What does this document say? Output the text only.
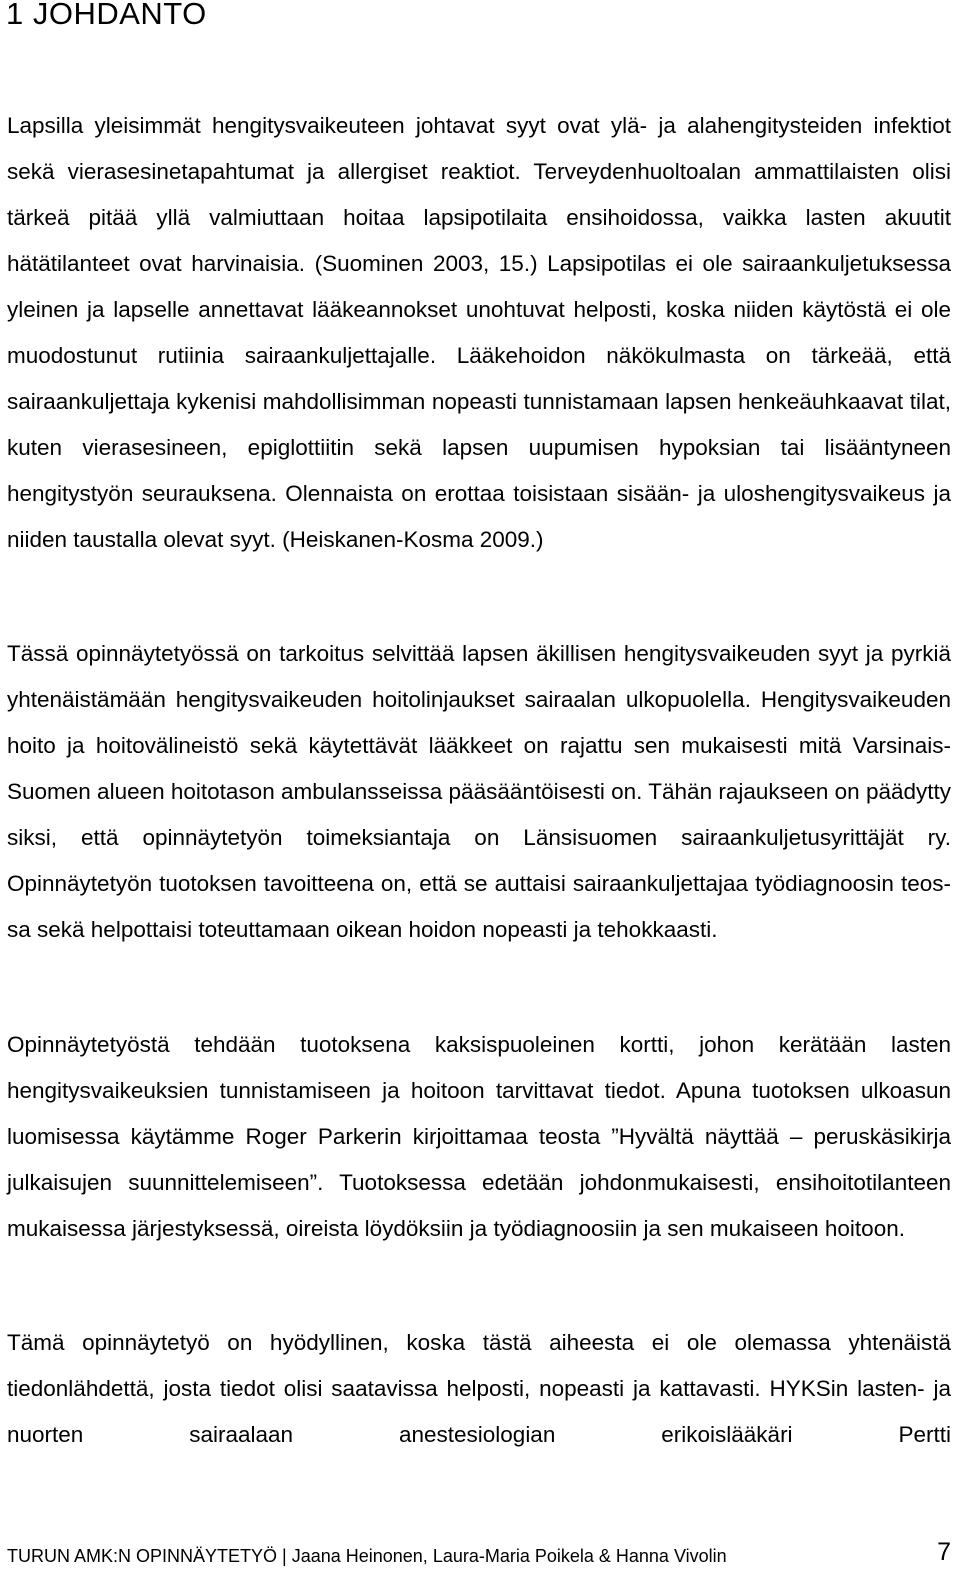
1 JOHDANTO

Lapsilla yleisimmät hengitysvaikeuteen johtavat syyt ovat ylä- ja alahengitysteiden infektiot sekä vierasesinetapahtumat ja allergiset reaktiot. Terveydenhuoltoalan ammattilaisten olisi tärkeä pitää yllä valmiuttaan hoitaa lapsipotilaita ensihoidossa, vaikka lasten akuutit hätätilanteet ovat harvinaisia. (Suominen 2003, 15.) Lapsipotilas ei ole sairaankuljetuksessa yleinen ja lapselle annettavat lääkeannokset unohtuvat helposti, koska niiden käytöstä ei ole muodostunut rutiinia sairaankuljettajalle. Lääkehoidon näkökulmasta on tärkeää, että sairaankuljettaja kykenisi mahdollisimman nopeasti tunnistamaan lapsen henkeäuhkaavat tilat, kuten vierasesineen, epiglottiitin sekä lapsen uupumisen hypoksian tai lisääntyneen hengitystyön seurauksena. Olennaista on erottaa toisistaan sisään- ja uloshengitysvaikeus ja niiden taustalla olevat syyt. (Heiskanen-Kosma 2009.)

Tässä opinnäytetyössä on tarkoitus selvittää lapsen äkillisen hengitysvaikeuden syyt ja pyrkiä yhtenäistämään hengitysvaikeuden hoitolinjaukset sairaalan ulkopuolella. Hengitysvaikeuden hoito ja hoitovälineistö sekä käytettävät lääkkeet on rajattu sen mukaisesti mitä Varsinais-Suomen alueen hoitotason ambulansseissa pääsääntöisesti on. Tähän rajaukseen on päädytty siksi, että opinnäytetyön toimeksiantaja on Länsisuomen sairaankuljetusyrittäjät ry. Opinnäytetyön tuotoksen tavoitteena on, että se auttaisi sairaankuljettajaa työdiagnoosin teossa sekä helpottaisi toteuttamaan oikean hoidon nopeasti ja tehokkaasti.

Opinnäytetyöstä tehdään tuotoksena kaksispuoleinen kortti, johon kerätään lasten hengitysvaikeuksien tunnistamiseen ja hoitoon tarvittavat tiedot. Apuna tuotoksen ulkoasun luomisessa käytämme Roger Parkerin kirjoittamaa teosta ”Hyvältä näyttää – peruskäsikirja julkaisujen suunnittelemiseen”. Tuotoksessa edetään johdonmukaisesti, ensihoitotilanteen mukaisessa järjestyksessä, oireista löydöksiin ja työdiagnoosiin ja sen mukaiseen hoitoon.

Tämä opinnäytetyö on hyödyllinen, koska tästä aiheesta ei ole olemassa yhtenäistä tiedonlähdettä, josta tiedot olisi saatavissa helposti, nopeasti ja kattavasti. HYKSin lasten- ja nuorten sairaalaan anestesiologian erikoislääkäri Pertti

TURUN AMK:N OPINNÄYTETYÖ | Jaana Heinonen, Laura-Maria Poikela & Hanna Vivolin	7
